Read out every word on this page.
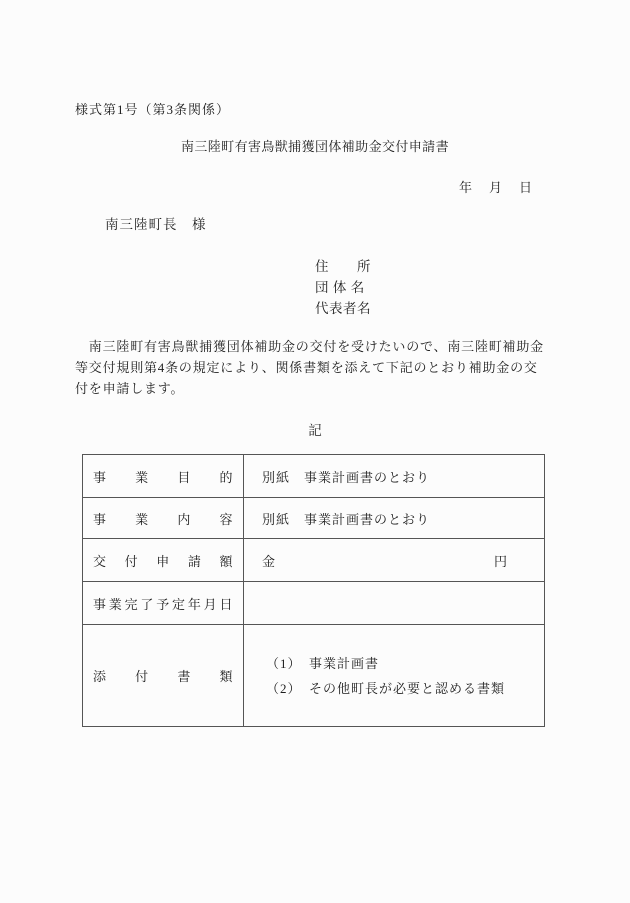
様式第1号（第3条関係）
南三陸町有害鳥獣捕獲団体補助金交付申請書
年　月　日
南三陸町長　様
住　　所
団 体 名
代表者名
　南三陸町有害鳥獣捕獲団体補助金の交付を受けたいので、南三陸町補助金
等交付規則第4条の規定により、関係書類を添えて下記のとおり補助金の交
付を申請します。
記
事　業　目　的	別紙　事業計画書のとおり
事　業　内　容	別紙　事業計画書のとおり
交　付　申　請　額	金 円

事業完了予定年月日	
添　付　書　類	（1）　事業計画書
（2）　その他町長が必要と認める書類
